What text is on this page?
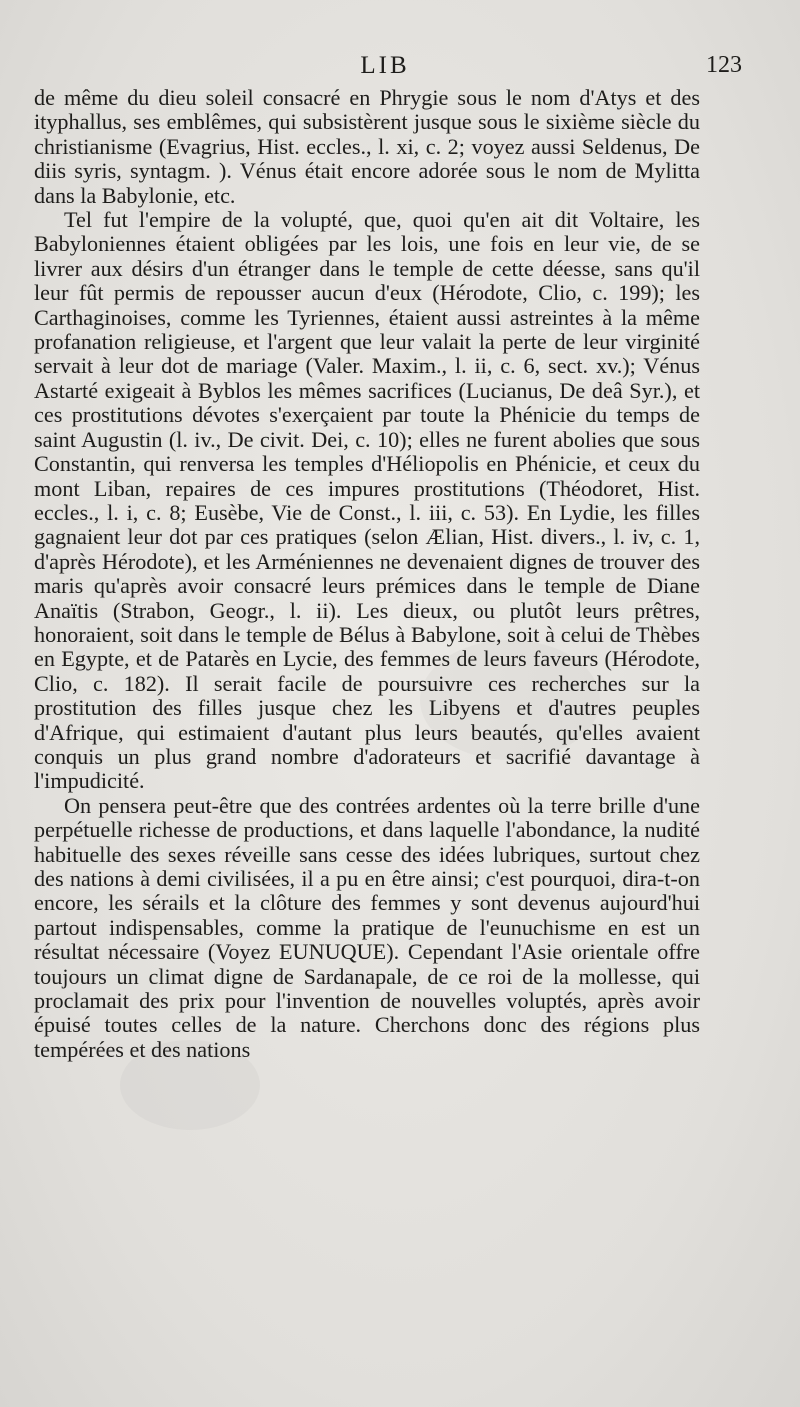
LIB	123

de même du dieu soleil consacré en Phrygie sous le nom d'Atys et des ityphallus, ses emblêmes, qui subsistèrent jusque sous le sixième siècle du christianisme (Evagrius, Hist. eccles., l. xi, c. 2; voyez aussi Seldenus, De diis syris, syntagm. ). Vénus était encore adorée sous le nom de Mylitta dans la Babylonie, etc.

Tel fut l'empire de la volupté, que, quoi qu'en ait dit Voltaire, les Babyloniennes étaient obligées par les lois, une fois en leur vie, de se livrer aux désirs d'un étranger dans le temple de cette déesse, sans qu'il leur fût permis de repousser aucun d'eux (Hérodote, Clio, c. 199); les Carthaginoises, comme les Tyriennes, étaient aussi astreintes à la même profanation religieuse, et l'argent que leur valait la perte de leur virginité servait à leur dot de mariage (Valer. Maxim., l. ii, c. 6, sect. xv.); Vénus Astarté exigeait à Byblos les mêmes sacrifices (Lucianus, De deâ Syr.), et ces prostitutions dévotes s'exerçaient par toute la Phénicie du temps de saint Augustin (l. iv., De civit. Dei, c. 10); elles ne furent abolies que sous Constantin, qui renversa les temples d'Héliopolis en Phénicie, et ceux du mont Liban, repaires de ces impures prostitutions (Théodoret, Hist. eccles., l. i, c. 8; Eusèbe, Vie de Const., l. iii, c. 53). En Lydie, les filles gagnaient leur dot par ces pratiques (selon Ælian, Hist. divers., l. iv, c. 1, d'après Hérodote), et les Arméniennes ne devenaient dignes de trouver des maris qu'après avoir consacré leurs prémices dans le temple de Diane Anaïtis (Strabon, Geogr., l. ii). Les dieux, ou plutôt leurs prêtres, honoraient, soit dans le temple de Bélus à Babylone, soit à celui de Thèbes en Egypte, et de Patarès en Lycie, des femmes de leurs faveurs (Hérodote, Clio, c. 182). Il serait facile de poursuivre ces recherches sur la prostitution des filles jusque chez les Libyens et d'autres peuples d'Afrique, qui estimaient d'autant plus leurs beautés, qu'elles avaient conquis un plus grand nombre d'adorateurs et sacrifié davantage à l'impudicité.

On pensera peut-être que des contrées ardentes où la terre brille d'une perpétuelle richesse de productions, et dans laquelle l'abondance, la nudité habituelle des sexes réveille sans cesse des idées lubriques, surtout chez des nations à demi civilisées, il a pu en être ainsi; c'est pourquoi, dira-t-on encore, les sérails et la clôture des femmes y sont devenus aujourd'hui partout indispensables, comme la pratique de l'eunuchisme en est un résultat nécessaire (Voyez EUNUQUE). Cependant l'Asie orientale offre toujours un climat digne de Sardanapale, de ce roi de la mollesse, qui proclamait des prix pour l'invention de nouvelles voluptés, après avoir épuisé toutes celles de la nature. Cherchons donc des régions plus tempérées et des nations
